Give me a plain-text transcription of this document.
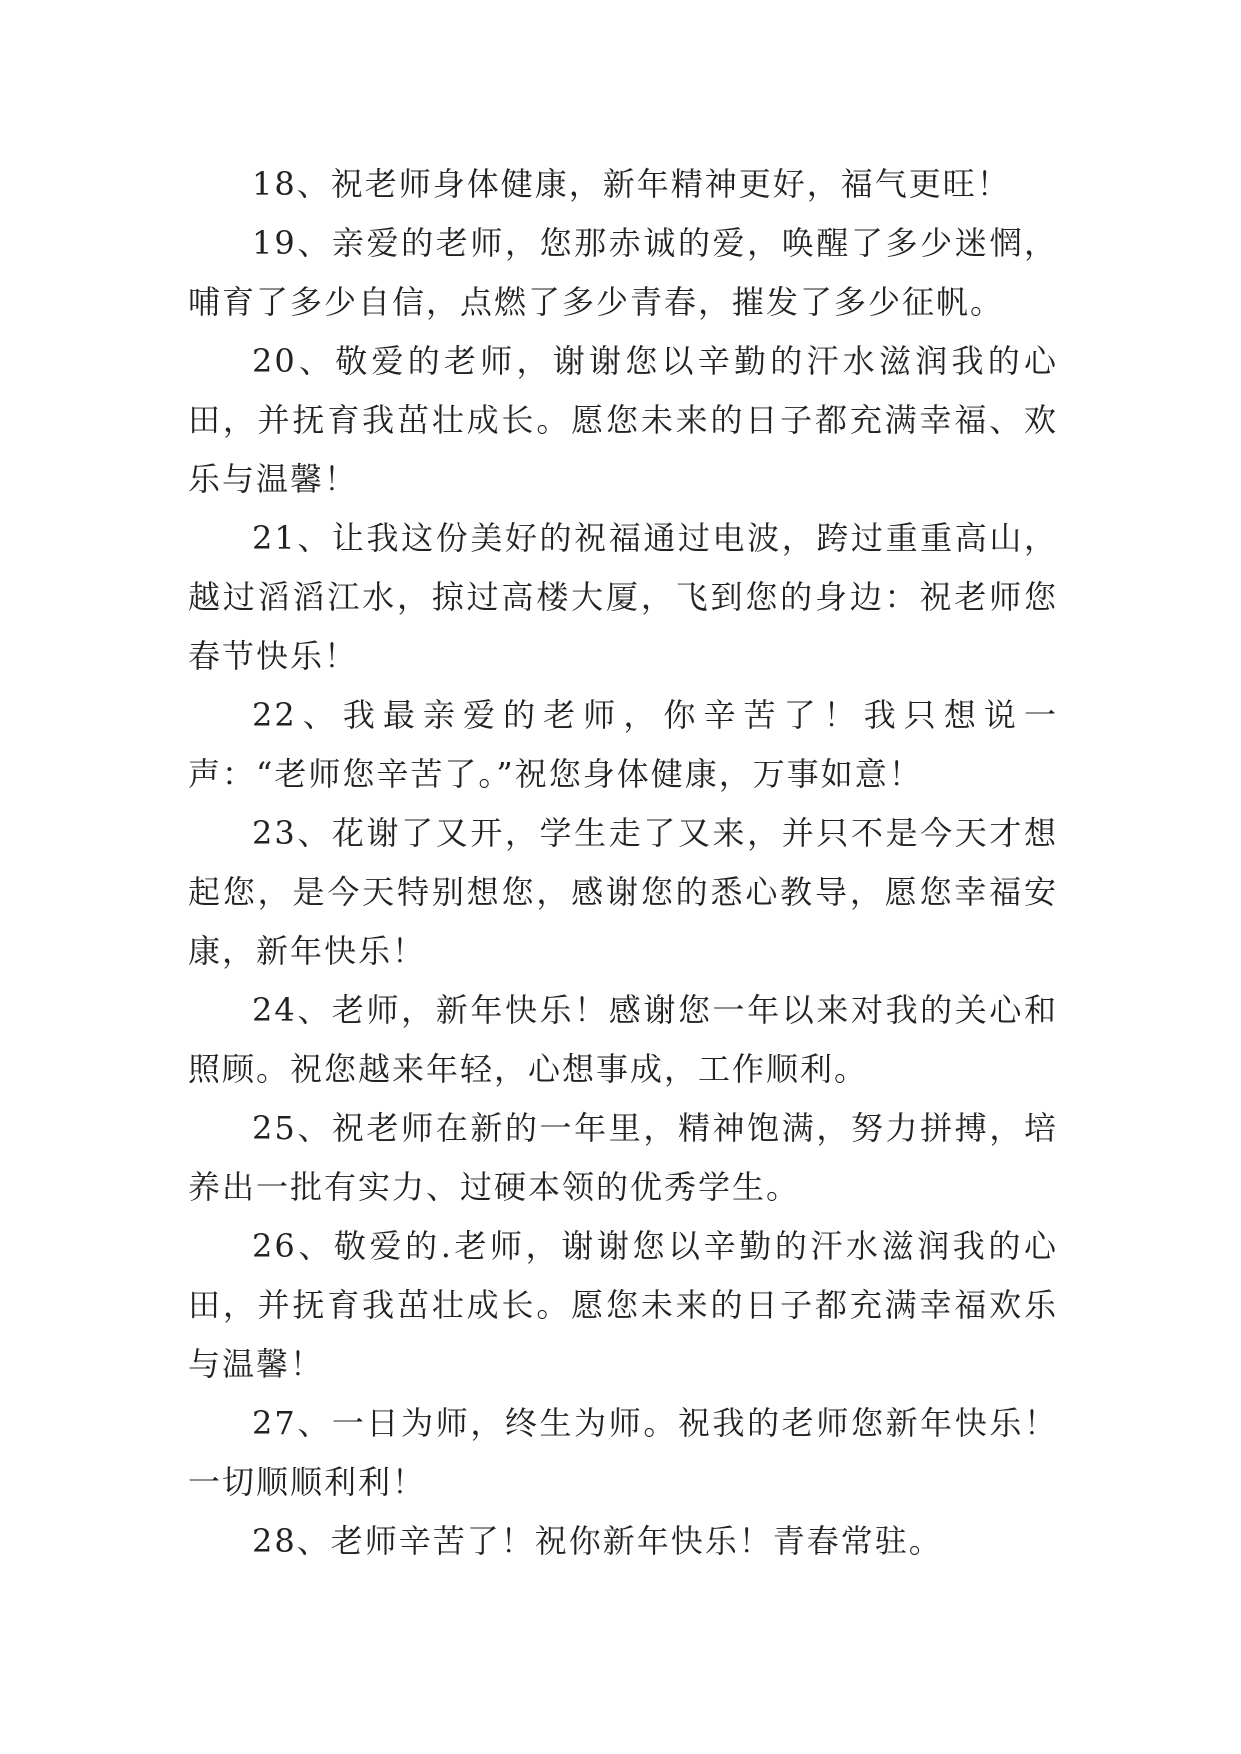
18、祝老师身体健康，新年精神更好，福气更旺！

19、亲爱的老师，您那赤诚的爱，唤醒了多少迷惘，哺育了多少自信，点燃了多少青春，摧发了多少征帆。

20、敬爱的老师，谢谢您以辛勤的汗水滋润我的心田，并抚育我茁壮成长。愿您未来的日子都充满幸福、欢乐与温馨！

21、让我这份美好的祝福通过电波，跨过重重高山，越过滔滔江水，掠过高楼大厦，飞到您的身边：祝老师您春节快乐！

22、我最亲爱的老师，你辛苦了！我只想说一声：“老师您辛苦了。”祝您身体健康，万事如意！

23、花谢了又开，学生走了又来，并只不是今天才想起您，是今天特别想您，感谢您的悉心教导，愿您幸福安康，新年快乐！

24、老师，新年快乐！感谢您一年以来对我的关心和照顾。祝您越来年轻，心想事成，工作顺利。

25、祝老师在新的一年里，精神饱满，努力拼搏，培养出一批有实力、过硬本领的优秀学生。

26、敬爱的.老师，谢谢您以辛勤的汗水滋润我的心田，并抚育我茁壮成长。愿您未来的日子都充满幸福欢乐与温馨！

27、一日为师，终生为师。祝我的老师您新年快乐！一切顺顺利利！

28、老师辛苦了！祝你新年快乐！青春常驻。
